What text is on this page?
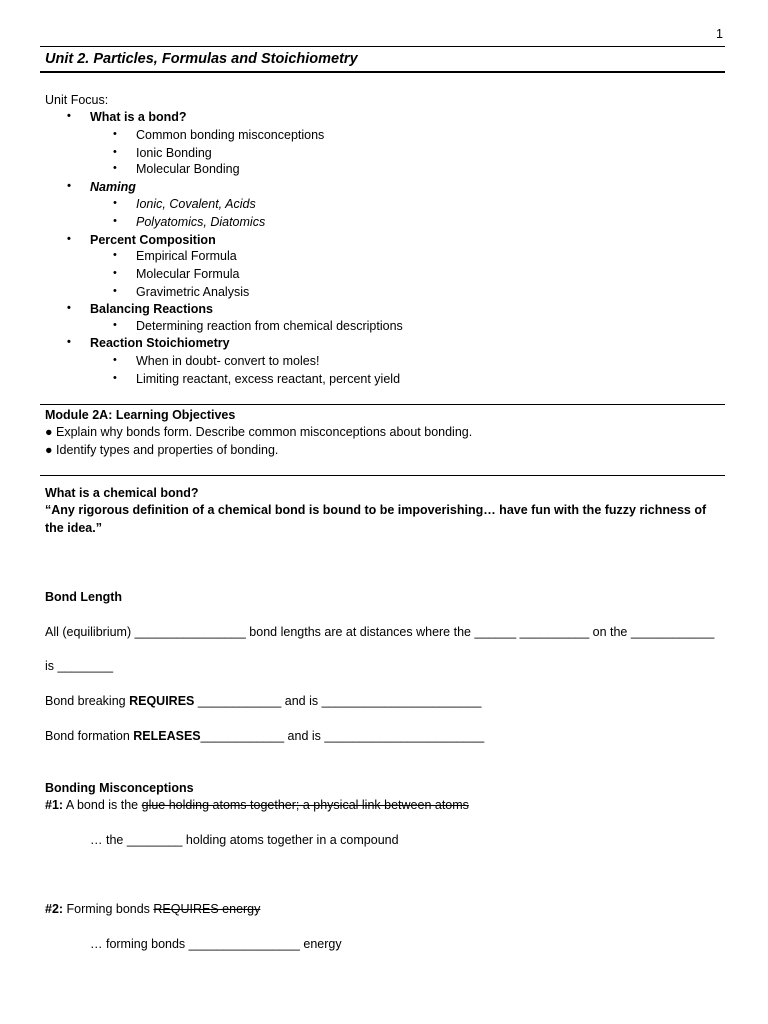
1
Unit 2. Particles, Formulas and Stoichiometry
Unit Focus:
• What is a bond?
• Common bonding misconceptions
• Ionic Bonding
• Molecular Bonding
• Naming
• Ionic, Covalent, Acids
• Polyatomics, Diatomics
• Percent Composition
• Empirical Formula
• Molecular Formula
• Gravimetric Analysis
• Balancing Reactions
• Determining reaction from chemical descriptions
• Reaction Stoichiometry
• When in doubt- convert to moles!
• Limiting reactant, excess reactant, percent yield
Module 2A: Learning Objectives
● Explain why bonds form. Describe common misconceptions about bonding.
● Identify types and properties of bonding.
What is a chemical bond?
“Any rigorous definition of a chemical bond is bound to be impoverishing… have fun with the fuzzy richness of the idea.”
Bond Length
All (equilibrium) ________________ bond lengths are at distances where the ______ __________ on the ____________
is ________
Bond breaking REQUIRES ____________ and is _______________________
Bond formation RELEASES____________ and is _______________________
Bonding Misconceptions
#1: A bond is the glue holding atoms together; a physical link between atoms
… the ________ holding atoms together in a compound
#2: Forming bonds REQUIRES energy
… forming bonds ________________ energy
